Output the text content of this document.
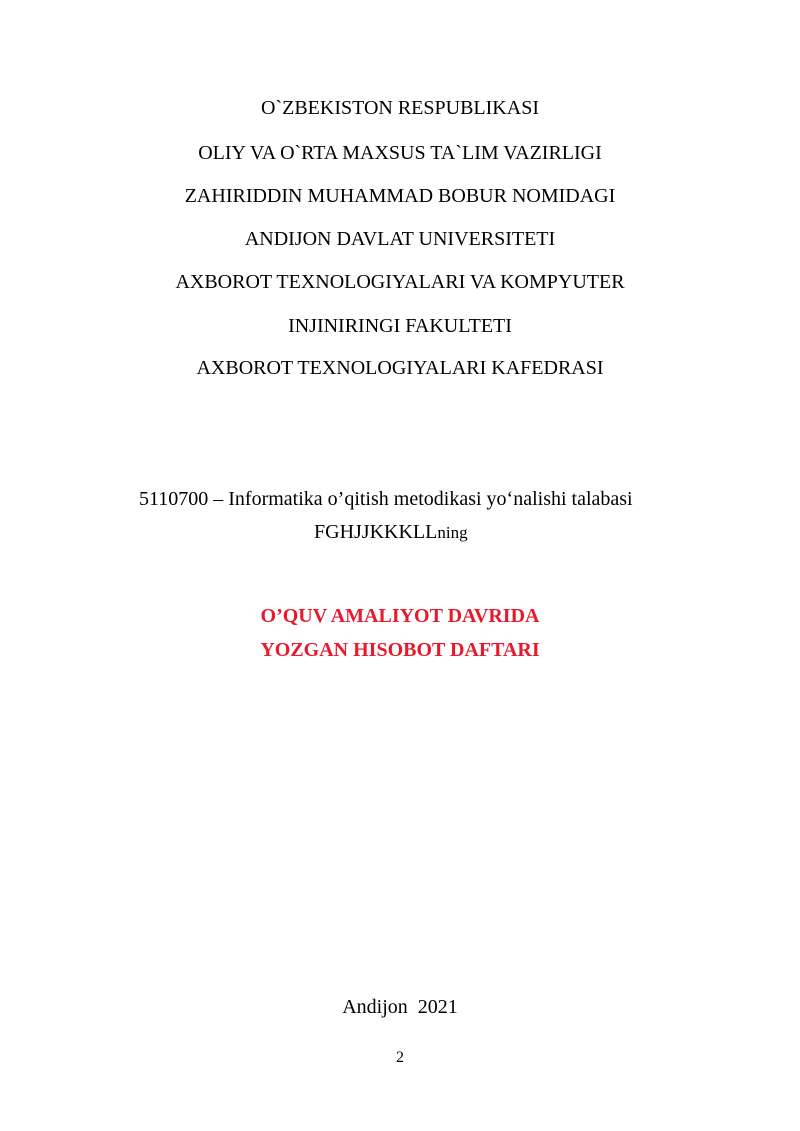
O`ZBEKISTON RESPUBLIKASI
OLIY VA O`RTA MAXSUS TA`LIM VAZIRLIGI
ZAHIRIDDIN MUHAMMAD BOBUR NOMIDAGI
ANDIJON DAVLAT UNIVERSITETI
AXBOROT TEXNOLOGIYALARI VA KOMPYUTER
INJINIRINGI FAKULTETI
AXBOROT TEXNOLOGIYALARI KAFEDRASI
5110700 – Informatika o’qitish metodikasi yo‘nalishi talabasi
FGHJJKKKLLning
O’QUV AMALIYOT DAVRIDA
YOZGAN HISOBOT DAFTARI
Andijon  2021
2
